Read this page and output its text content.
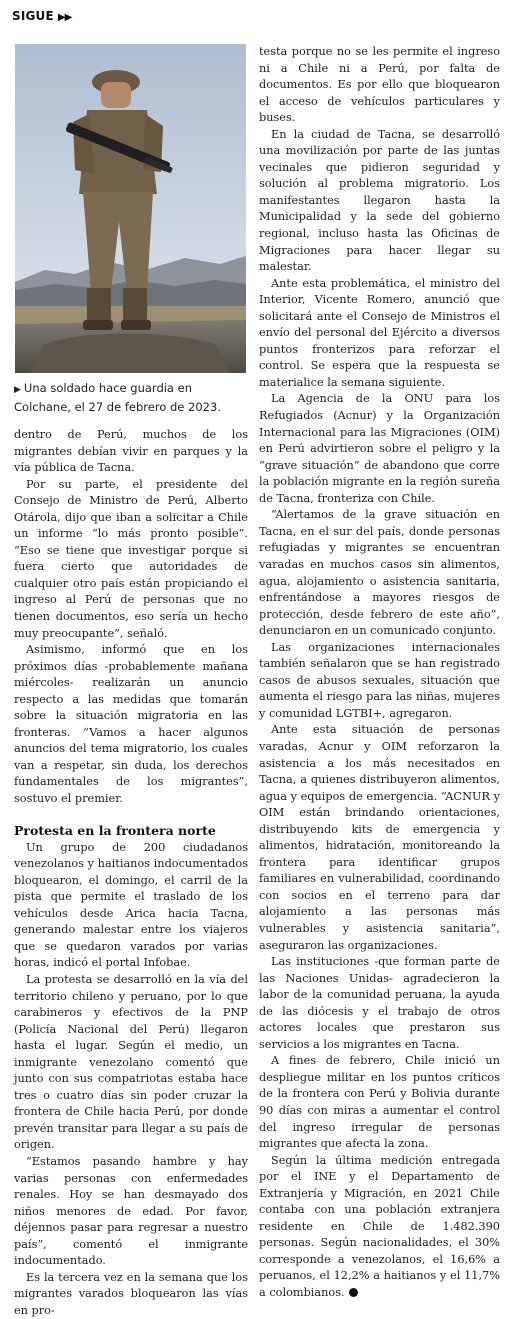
SIGUE ▶▶
▶ Una soldado hace guardia en Colchane, el 27 de febrero de 2023.

dentro de Perú, muchos de los migrantes debían vivir en parques y la vía pública de Tacna.

Por su parte, el presidente del Consejo de Ministro de Perú, Alberto Otárola, dijo que iban a solicitar a Chile un informe “lo más pronto posible”. “Eso se tiene que investigar porque si fuera cierto que autoridades de cualquier otro país están propiciando el ingreso al Perú de personas que no tienen documentos, eso sería un hecho muy preocupante”, señaló.

Asimismo, informó que en los próximos días -probablemente mañana miércoles- realizarán un anuncio respecto a las medidas que tomarán sobre la situación migratoria en las fronteras. “Vamos a hacer algunos anuncios del tema migratorio, los cuales van a respetar, sin duda, los derechos fundamentales de los migrantes”, sostuvo el premier.

Protesta en la frontera norte

Un grupo de 200 ciudadanos venezolanos y haitianos indocumentados bloquearon, el domingo, el carril de la pista que permite el traslado de los vehículos desde Arica hacia Tacna, generando malestar entre los viajeros que se quedaron varados por varias horas, indicó el portal Infobae.

La protesta se desarrolló en la vía del territorio chileno y peruano, por lo que carabineros y efectivos de la PNP (Policía Nacional del Perú) llegaron hasta el lugar. Según el medio, un inmigrante venezolano comentó que junto con sus compatriotas estaba hace tres o cuatro días sin poder cruzar la frontera de Chile hacia Perú, por donde prevén transitar para llegar a su país de origen.

“Estamos pasando hambre y hay varias personas con enfermedades renales. Hoy se han desmayado dos niños menores de edad. Por favor, déjennos pasar para regresar a nuestro país”, comentó el inmigrante indocumentado.

Es la tercera vez en la semana que los migrantes varados bloquearon las vías en pro-

testa porque no se les permite el ingreso ni a Chile ni a Perú, por falta de documentos. Es por ello que bloquearon el acceso de vehículos particulares y buses.

En la ciudad de Tacna, se desarrolló una movilización por parte de las juntas vecinales que pidieron seguridad y solución al problema migratorio. Los manifestantes llegaron hasta la Municipalidad y la sede del gobierno regional, incluso hasta las Oficinas de Migraciones para hacer llegar su malestar.

Ante esta problemática, el ministro del Interior, Vicente Romero, anunció que solicitará ante el Consejo de Ministros el envío del personal del Ejército a diversos puntos fronterizos para reforzar el control. Se espera que la respuesta se materialice la semana siguiente.

La Agencia de la ONU para los Refugiados (Acnur) y la Organización Internacional para las Migraciones (OIM) en Perú advirtieron sobre el peligro y la “grave situación” de abandono que corre la población migrante en la región sureña de Tacna, fronteriza con Chile.

“Alertamos de la grave situación en Tacna, en el sur del país, donde personas refugiadas y migrantes se encuentran varadas en muchos casos sin alimentos, agua, alojamiento o asistencia sanitaria, enfrentándose a mayores riesgos de protección, desde febrero de este año”, denunciaron en un comunicado conjunto.

Las organizaciones internacionales también señalaron que se han registrado casos de abusos sexuales, situación que aumenta el riesgo para las niñas, mujeres y comunidad LGTBI+, agregaron.

Ante esta situación de personas varadas, Acnur y OIM reforzaron la asistencia a los más necesitados en Tacna, a quienes distribuyeron alimentos, agua y equipos de emergencia. “ACNUR y OIM están brindando orientaciones, distribuyendo kits de emergencia y alimentos, hidratación, monitoreando la frontera para identificar grupos familiares en vulnerabilidad, coordinando con socios en el terreno para dar alojamiento a las personas más vulnerables y asistencia sanitaria”, aseguraron las organizaciones.

Las instituciones -que forman parte de las Naciones Unidas- agradecieron la labor de la comunidad peruana, la ayuda de las diócesis y el trabajo de otros actores locales que prestaron sus servicios a los migrantes en Tacna.

A fines de febrero, Chile inició un despliegue militar en los puntos críticos de la frontera con Perú y Bolivia durante 90 días con miras a aumentar el control del ingreso irregular de personas migrantes que afecta la zona.

Según la última medición entregada por el INE y el Departamento de Extranjería y Migración, en 2021 Chile contaba con una población extranjera residente en Chile de 1.482.390 personas. Según nacionalidades, el 30% corresponde a venezolanos, el 16,6% a peruanos, el 12,2% a haitianos y el 11,7% a colombianos.
